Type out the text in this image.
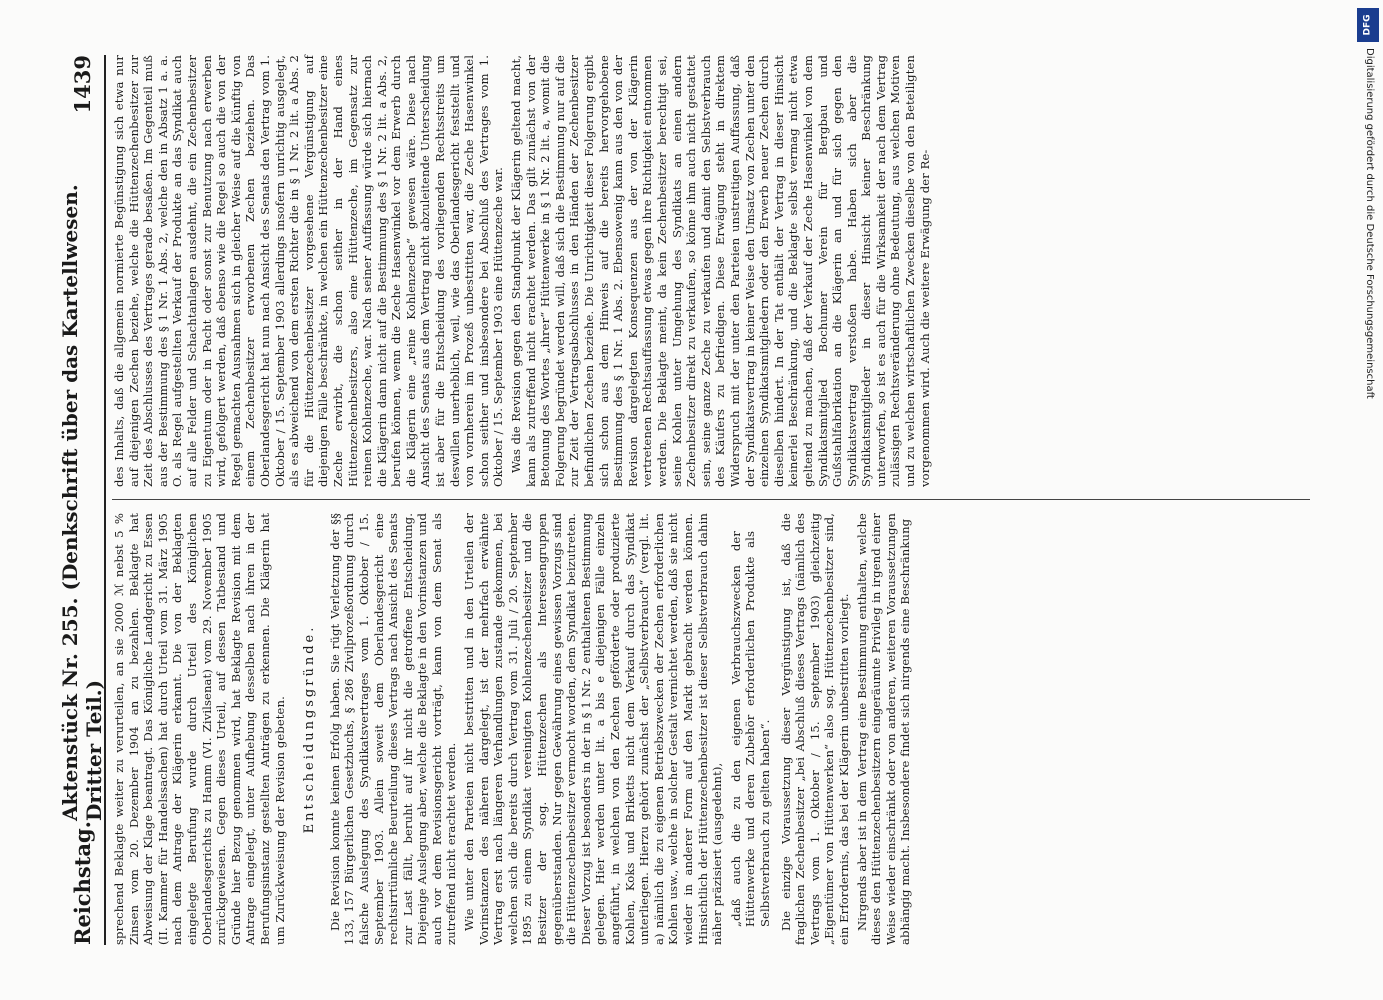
Reichstag.
Aktenstück Nr. 255. (Denkschrift über das Kartellwesen. Dritter Teil.)
1439

sprechend Beklagte weiter zu verurteilen, an sie 2000 ℳ nebst 5 % Zinsen vom 20. Dezember 1904 an zu bezahlen. Beklagte hat Abweisung der Klage beantragt. Das Königliche Landgericht zu Essen (II. Kammer für Handelssachen) hat durch Urteil vom 31. März 1905 nach dem Antrage der Klägerin erkannt. Die von der Beklagten eingelegte Berufung wurde durch Urteil des Königlichen Oberlandesgerichts zu Hamm (VI. Zivilsenat) vom 29. November 1905 zurückgewiesen. Gegen dieses Urteil, auf dessen Tatbestand und Gründe hier Bezug genommen wird, hat Beklagte Revision mit dem Antrage eingelegt, unter Aufhebung desselben nach ihren in der Berufungsinstanz gestellten Anträgen zu erkennen. Die Klägerin hat um Zurückweisung der Revision gebeten. Entscheidungsgründe. Die Revision konnte keinen Erfolg haben. Sie rügt Verletzung der §§ 133, 157 Bürgerlichen Gesetzbuchs, § 286 Zivilprozeßordnung durch falsche Auslegung des Syndikatsvertrages vom 1. Oktober / 15. September 1903. Allein soweit dem Oberlandesgericht eine rechtsirrtümliche Beurteilung dieses Vertrags nach Ansicht des Senats zur Last fällt, beruht auf ihr nicht die getroffene Entscheidung. Diejenige Auslegung aber, welche die Beklagte in den Vorinstanzen und auch vor dem Revisionsgericht vorträgt, kann von dem Senat als zutreffend nicht erachtet werden. Wie unter den Parteien nicht bestritten und in den Urteilen der Vorinstanzen des näheren dargelegt, ist der mehrfach erwähnte Vertrag erst nach längeren Verhandlungen zustande gekommen, bei welchen sich die bereits durch Vertrag vom 31. Juli / 20. September 1895 zu einem Syndikat vereinigten Kohlenzechenbesitzer und die Besitzer der sog. Hüttenzechen als Interessengruppen gegenüberstanden. Nur gegen Gewährung eines gewissen Vorzugs sind die Hüttenzechenbesitzer vermocht worden, dem Syndikat beizutreten. Dieser Vorzug ist besonders in der in § 1 Nr. 2 enthaltenen Bestimmung gelegen. Hier werden unter lit. a bis e diejenigen Fälle einzeln angeführt, in welchen von den Zechen geförderte oder produzierte Kohlen, Koks und Briketts nicht dem Verkauf durch das Syndikat unterliegen. Hierzu gehört zunächst der „Selbstverbrauch“ (vergl. lit. a) nämlich die zu eigenen Betriebszwecken der Zechen erforderlichen Kohlen usw., welche in solcher Gestalt vernichtet werden, daß sie nicht wieder in anderer Form auf den Markt gebracht werden können. Hinsichtlich der Hüttenzechenbesitzer ist dieser Selbstverbrauch dahin näher präzisiert (ausgedehnt), „daß auch die zu den eigenen Verbrauchszwecken der Hüttenwerke und deren Zubehör erforderlichen Produkte als Selbstverbrauch zu gelten haben“. Die einzige Voraussetzung dieser Vergünstigung ist, daß die fraglichen Zechenbesitzer „bei Abschluß dieses Vertrags (nämlich des Vertrags vom 1. Oktober / 15. September 1903) gleichzeitig „Eigentümer von Hüttenwerken“ also sog. Hüttenzechenbesitzer sind, ein Erfordernis, das bei der Klägerin unbestritten vorliegt. Nirgends aber ist in dem Vertrag eine Bestimmung enthalten, welche dieses den Hüttenzechenbesitzern eingeräumte Privileg in irgend einer Weise wieder einschränkt oder von anderen, weiteren Voraussetzungen abhängig macht. Insbesondere findet sich nirgends eine Beschränkung

des Inhalts, daß die allgemein normierte Begünstigung sich etwa nur auf diejenigen Zechen beziehe, welche die Hüttenzechenbesitzer zur Zeit des Abschlusses des Vertrages gerade besaßen. Im Gegenteil muß aus der Bestimmung des § 1 Nr. 1 Abs. 2, welche den in Absatz 1 a. a. O. als Regel aufgestellten Verkauf der Produkte an das Syndikat auch auf alle Felder und Schachtanlagen ausdehnt, die ein Zechenbesitzer zu Eigentum oder in Pacht oder sonst zur Benutzung nach erwerben wird, gefolgert werden, daß ebenso wie die Regel so auch die von der Regel gemachten Ausnahmen sich in gleicher Weise auf die künftig von einem Zechenbesitzer erworbenen Zechen beziehen. Das Oberlandesgericht hat nun nach Ansicht des Senats den Vertrag vom 1. Oktober / 15. September 1903 allerdings insofern unrichtig ausgelegt, als es abweichend von dem ersten Richter die in § 1 Nr. 2 lit. a Abs. 2 für die Hüttenzechenbesitzer vorgesehene Vergünstigung auf diejenigen Fälle beschränkte, in welchen ein Hüttenzechenbesitzer eine Zeche erwirbt, die schon seither in der Hand eines Hüttenzechenbesitzers, also eine Hüttenzeche, im Gegensatz zur reinen Kohlenzeche, war. Nach seiner Auffassung würde sich hiernach die Klägerin dann nicht auf die Bestimmung des § 1 Nr. 2 lit. a Abs. 2, berufen können, wenn die Zeche Hasenwinkel vor dem Erwerb durch die Klägerin eine „reine Kohlenzeche“ gewesen wäre. Diese nach Ansicht des Senats aus dem Vertrag nicht abzuleitende Unterscheidung ist aber für die Entscheidung des vorliegenden Rechtsstreits um deswillen unerheblich, weil, wie das Oberlandesgericht feststellt und von vornherein im Prozeß unbestritten war, die Zeche Hasenwinkel schon seither und insbesondere bei Abschluß des Vertrages vom 1. Oktober / 15. September 1903 eine Hüttenzeche war. Was die Revision gegen den Standpunkt der Klägerin geltend macht, kann als zutreffend nicht erachtet werden. Das gilt zunächst von der Betonung des Wortes „ihrer“ Hüttenwerke in § 1 Nr. 2 lit. a, womit die Folgerung begründet werden will, daß sich die Bestimmung nur auf die zur Zeit der Vertragsabschlusses in den Händen der Zechenbesitzer befindlichen Zechen beziehe. Die Unrichtigkeit dieser Folgerung ergibt sich schon aus dem Hinweis auf die bereits hervorgehobene Bestimmung des § 1 Nr. 1 Abs. 2. Ebensowenig kann aus den von der Revision dargelegten Konsequenzen aus der von der Klägerin vertretenen Rechtsauffassung etwas gegen ihre Richtigkeit entnommen werden. Die Beklagte meint, da kein Zechenbesitzer berechtigt sei, seine Kohlen unter Umgehung des Syndikats an einen andern Zechenbesitzer direkt zu verkaufen, so könne ihm auch nicht gestattet sein, seine ganze Zeche zu verkaufen und damit den Selbstverbrauch des Käufers zu befriedigen. Diese Erwägung steht in direktem Widerspruch mit der unter den Parteien unstreitigen Auffassung, daß der Syndikatsvertrag in keiner Weise den Umsatz von Zechen unter den einzelnen Syndikatsmitgliedern oder den Erwerb neuer Zechen durch dieselben hindert. In der Tat enthält der Vertrag in dieser Hinsicht keinerlei Beschränkung, und die Beklagte selbst vermag nicht etwa geltend zu machen, daß der Verkauf der Zeche Hasenwinkel von dem Syndikatsmitglied Bochumer Verein für Bergbau und Gußstahlfabrikation an die Klägerin an und für sich gegen den Syndikatsvertrag verstoßen habe. Haben sich aber die Syndikatsmitglieder in dieser Hinsicht keiner Beschränkung unterworfen, so ist es auch für die Wirksamkeit der nach dem Vertrag zulässigen Rechtsveränderung ohne Bedeutung, aus welchen Motiven und zu welchen wirtschaftlichen Zwecken dieselbe von den Beteiligten vorgenommen wird. Auch die weitere Erwägung der Re-

DFG
Digitalisierung gefördert durch die Deutsche Forschungsgemeinschaft
